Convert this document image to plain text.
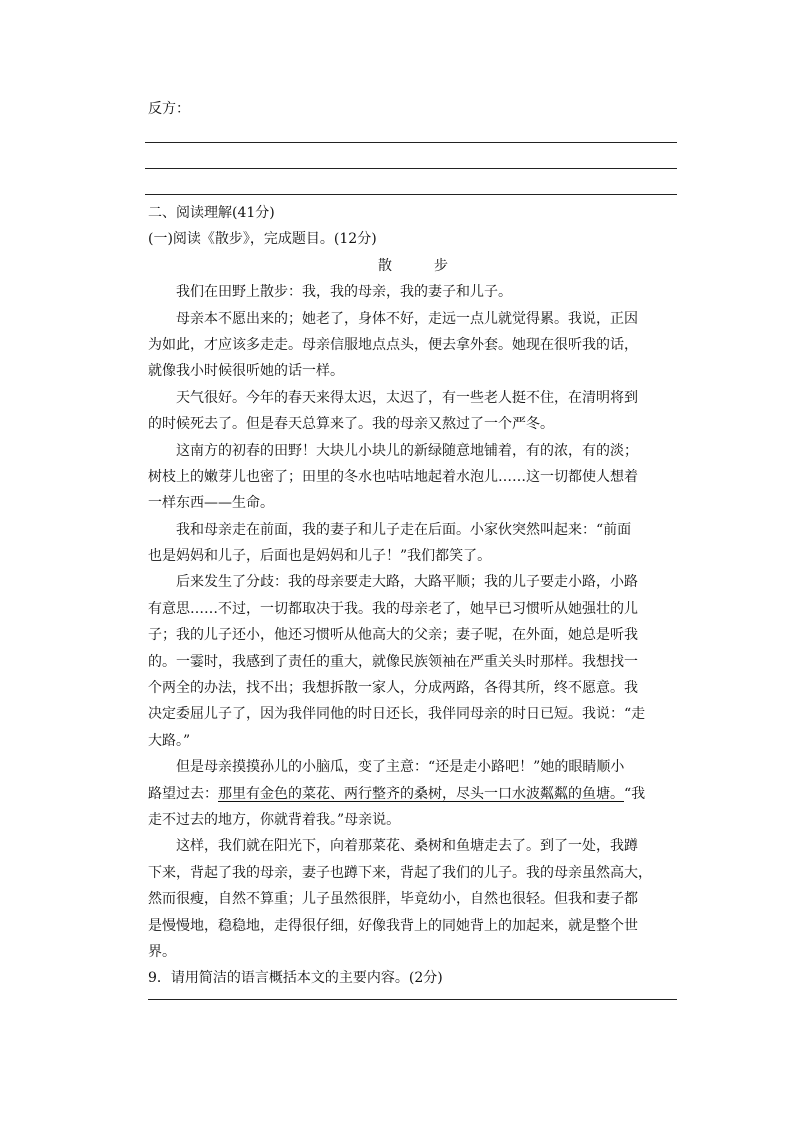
反方：
二、阅读理解(41分)
(一)阅读《散步》，完成题目。(12分)
散　步
我们在田野上散步：我，我的母亲，我的妻子和儿子。
母亲本不愿出来的；她老了，身体不好，走远一点儿就觉得累。我说，正因
为如此，才应该多走走。母亲信服地点点头，便去拿外套。她现在很听我的话，
就像我小时候很听她的话一样。
天气很好。今年的春天来得太迟，太迟了，有一些老人挺不住，在清明将到
的时候死去了。但是春天总算来了。我的母亲又熬过了一个严冬。
这南方的初春的田野！大块儿小块儿的新绿随意地铺着，有的浓，有的淡；
树枝上的嫩芽儿也密了；田里的冬水也咕咕地起着水泡儿……这一切都使人想着
一样东西——生命。
我和母亲走在前面，我的妻子和儿子走在后面。小家伙突然叫起来：“前面
也是妈妈和儿子，后面也是妈妈和儿子！”我们都笑了。
后来发生了分歧：我的母亲要走大路，大路平顺；我的儿子要走小路，小路
有意思……不过，一切都取决于我。我的母亲老了，她早已习惯听从她强壮的儿
子；我的儿子还小，他还习惯听从他高大的父亲；妻子呢，在外面，她总是听我
的。一霎时，我感到了责任的重大，就像民族领袖在严重关头时那样。我想找一
个两全的办法，找不出；我想拆散一家人，分成两路，各得其所，终不愿意。我
决定委屈儿子了，因为我伴同他的时日还长，我伴同母亲的时日已短。我说：“走
大路。”
但是母亲摸摸孙儿的小脑瓜，变了主意：“还是走小路吧！”她的眼睛顺小
路望过去：那里有金色的菜花、两行整齐的桑树，尽头一口水波粼粼的鱼塘。“我
走不过去的地方，你就背着我。”母亲说。
这样，我们就在阳光下，向着那菜花、桑树和鱼塘走去了。到了一处，我蹲
下来，背起了我的母亲，妻子也蹲下来，背起了我们的儿子。我的母亲虽然高大，
然而很瘦，自然不算重；儿子虽然很胖，毕竟幼小，自然也很轻。但我和妻子都
是慢慢地，稳稳地，走得很仔细，好像我背上的同她背上的加起来，就是整个世
界。
9．请用简洁的语言概括本文的主要内容。(2分)
